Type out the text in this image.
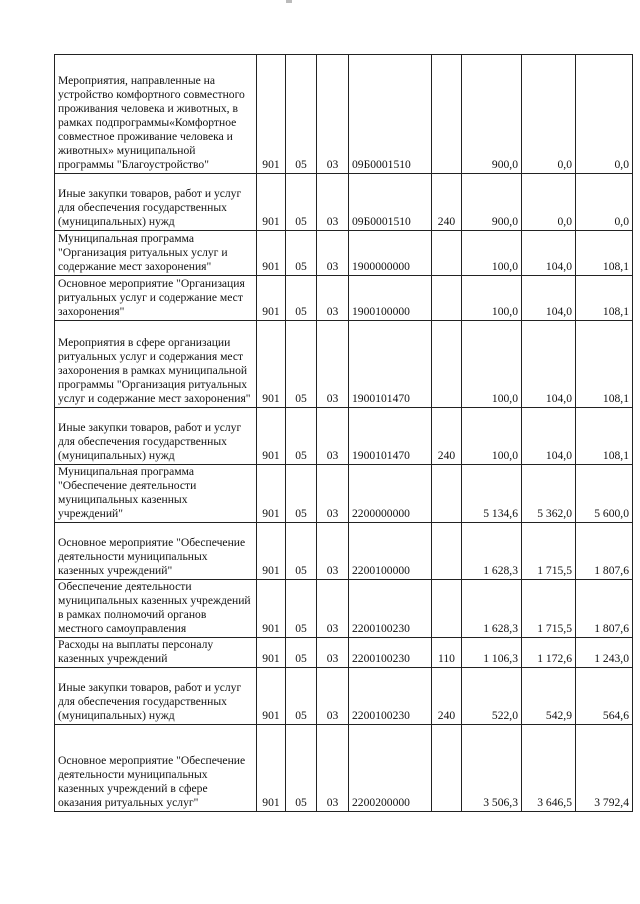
Мероприятия, направленные на устройство комфортного совместного проживания человека и животных, в рамках подпрограммы«Комфортное совместное проживание человека и животных» муниципальной программы "Благоустройство"	901	05	03	09Б0001510		900,0	0,0	0,0
Иные закупки товаров, работ и услуг для обеспечения государственных (муниципальных) нужд	901	05	03	09Б0001510	240	900,0	0,0	0,0
Муниципальная программа "Организация ритуальных услуг и содержание мест захоронения"	901	05	03	1900000000		100,0	104,0	108,1
Основное мероприятие "Организация ритуальных услуг и содержание мест захоронения"	901	05	03	1900100000		100,0	104,0	108,1
Мероприятия в сфере организации ритуальных услуг и содержания мест захоронения в рамках муниципальной программы "Организация ритуальных услуг и содержание мест захоронения"	901	05	03	1900101470		100,0	104,0	108,1
Иные закупки товаров, работ и услуг для обеспечения государственных (муниципальных) нужд	901	05	03	1900101470	240	100,0	104,0	108,1
Муниципальная программа "Обеспечение деятельности муниципальных казенных учреждений"	901	05	03	2200000000		5 134,6	5 362,0	5 600,0
Основное мероприятие "Обеспечение деятельности муниципальных казенных учреждений"	901	05	03	2200100000		1 628,3	1 715,5	1 807,6
Обеспечение деятельности муниципальных казенных учреждений в рамках полномочий органов местного самоуправления	901	05	03	2200100230		1 628,3	1 715,5	1 807,6
Расходы на выплаты персоналу казенных учреждений	901	05	03	2200100230	110	1 106,3	1 172,6	1 243,0
Иные закупки товаров, работ и услуг для обеспечения государственных (муниципальных) нужд	901	05	03	2200100230	240	522,0	542,9	564,6
Основное мероприятие "Обеспечение деятельности муниципальных казенных учреждений в сфере оказания ритуальных услуг"	901	05	03	2200200000		3 506,3	3 646,5	3 792,4
